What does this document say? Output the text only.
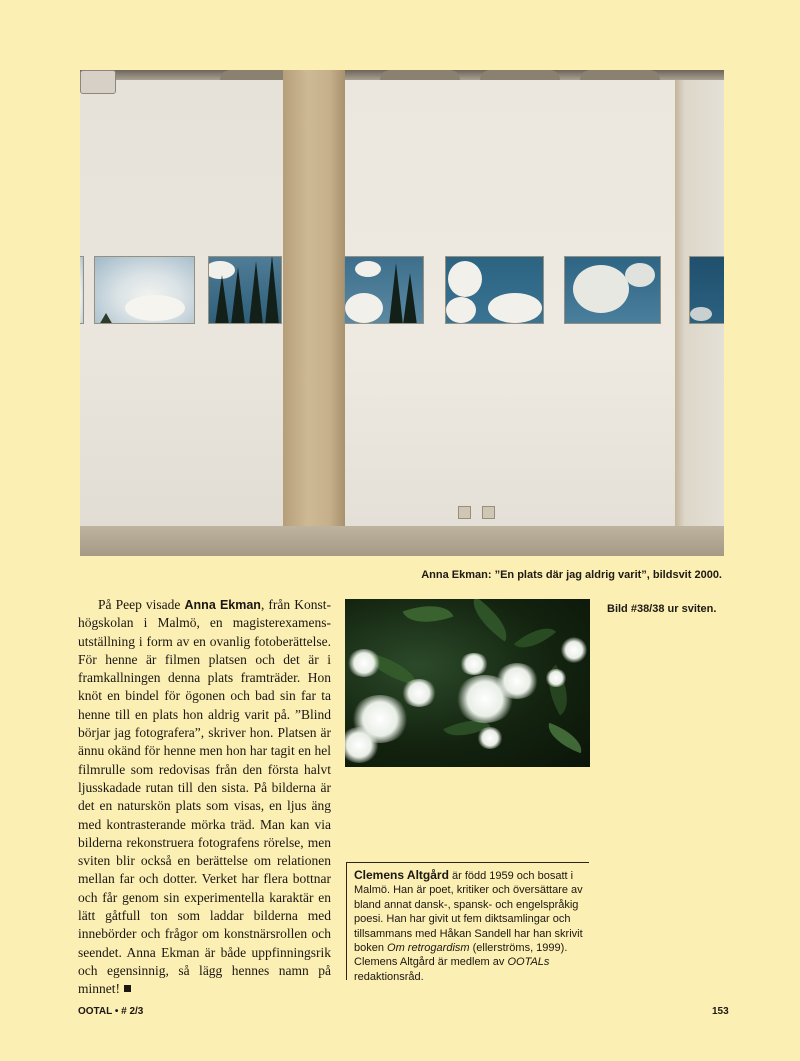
Anna Ekman: ”En plats där jag aldrig varit”, bildsvit 2000.
Bild #38/38 ur sviten.
På Peep visade Anna Ekman, från Konsthögskolan i Malmö, en magisterexamensutställning i form av en ovanlig fotoberättelse. För henne är filmen platsen och det är i framkallningen denna plats framträder. Hon knöt en bindel för ögonen och bad sin far ta henne till en plats hon aldrig varit på. ”Blind börjar jag fotografera”, skriver hon. Platsen är ännu okänd för henne men hon har tagit en hel filmrulle som redovisas från den första halvt ljusskadade rutan till den sista. På bilderna är det en naturskön plats som visas, en ljus äng med kontrasterande mörka träd. Man kan via bilderna rekonstruera fotografens rörelse, men sviten blir också en berättelse om relationen mellan far och dotter. Verket har flera bottnar och får genom sin experimentella karaktär en lätt gåtfull ton som laddar bilderna med innebörder och frågor om konstnärsrollen och seendet. Anna Ekman är både uppfinningsrik och egensinnig, så lägg hennes namn på minnet!
Clemens Altgård är född 1959 och bosatt i Malmö. Han är poet, kritiker och översättare av bland annat dansk-, spansk- och engelspråkig poesi. Han har givit ut fem diktsamlingar och tillsammans med Håkan Sandell har han skrivit boken Om retrogardism (ellerströms, 1999). Clemens Altgård är medlem av OOTALs redaktionsråd.
OOTAL • # 2/3	153
